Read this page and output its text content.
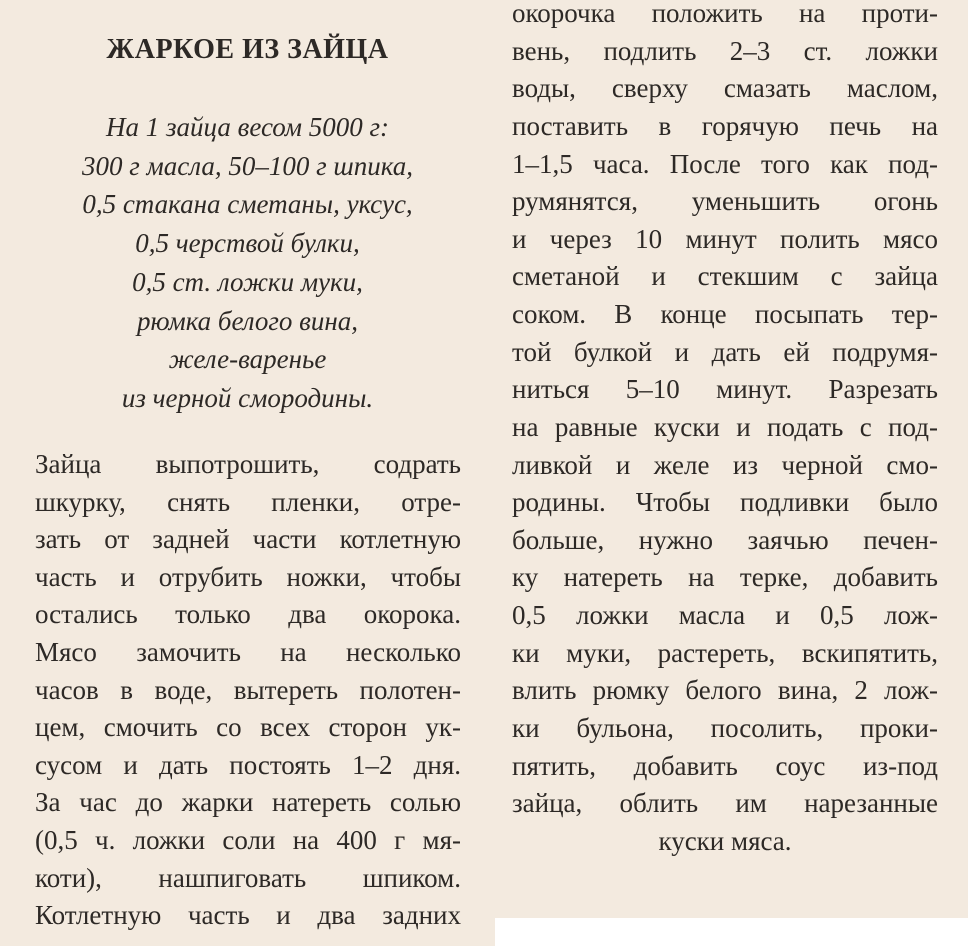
ЖАРКОЕ ИЗ ЗАЙЦА
На 1 зайца весом 5000 г:
300 г масла, 50–100 г шпика,
0,5 стакана сметаны, уксус,
0,5 черствой булки,
0,5 ст. ложки муки,
рюмка белого вина,
желе-варенье
из черной смородины.
Зайца выпотрошить, содрать
шкурку, снять пленки, отре-
зать от задней части котлетную
часть и отрубить ножки, чтобы
остались только два окорока.
Мясо замочить на несколько
часов в воде, вытереть полотен-
цем, смочить со всех сторон ук-
сусом и дать постоять 1–2 дня.
За час до жарки натереть солью
(0,5 ч. ложки соли на 400 г мя-
коти), нашпиговать шпиком.
Котлетную часть и два задних
окорочка положить на проти-
вень, подлить 2–3 ст. ложки
воды, сверху смазать маслом,
поставить в горячую печь на
1–1,5 часа. После того как под-
румянятся, уменьшить огонь
и через 10 минут полить мясо
сметаной и стекшим с зайца
соком. В конце посыпать тер-
той булкой и дать ей подрумя-
ниться 5–10 минут. Разрезать
на равные куски и подать с под-
ливкой и желе из черной смо-
родины. Чтобы подливки было
больше, нужно заячью печен-
ку натереть на терке, добавить
0,5 ложки масла и 0,5 лож-
ки муки, растереть, вскипятить,
влить рюмку белого вина, 2 лож-
ки бульона, посолить, проки-
пятить, добавить соус из-под
зайца, облить им нарезанные
куски мяса.
